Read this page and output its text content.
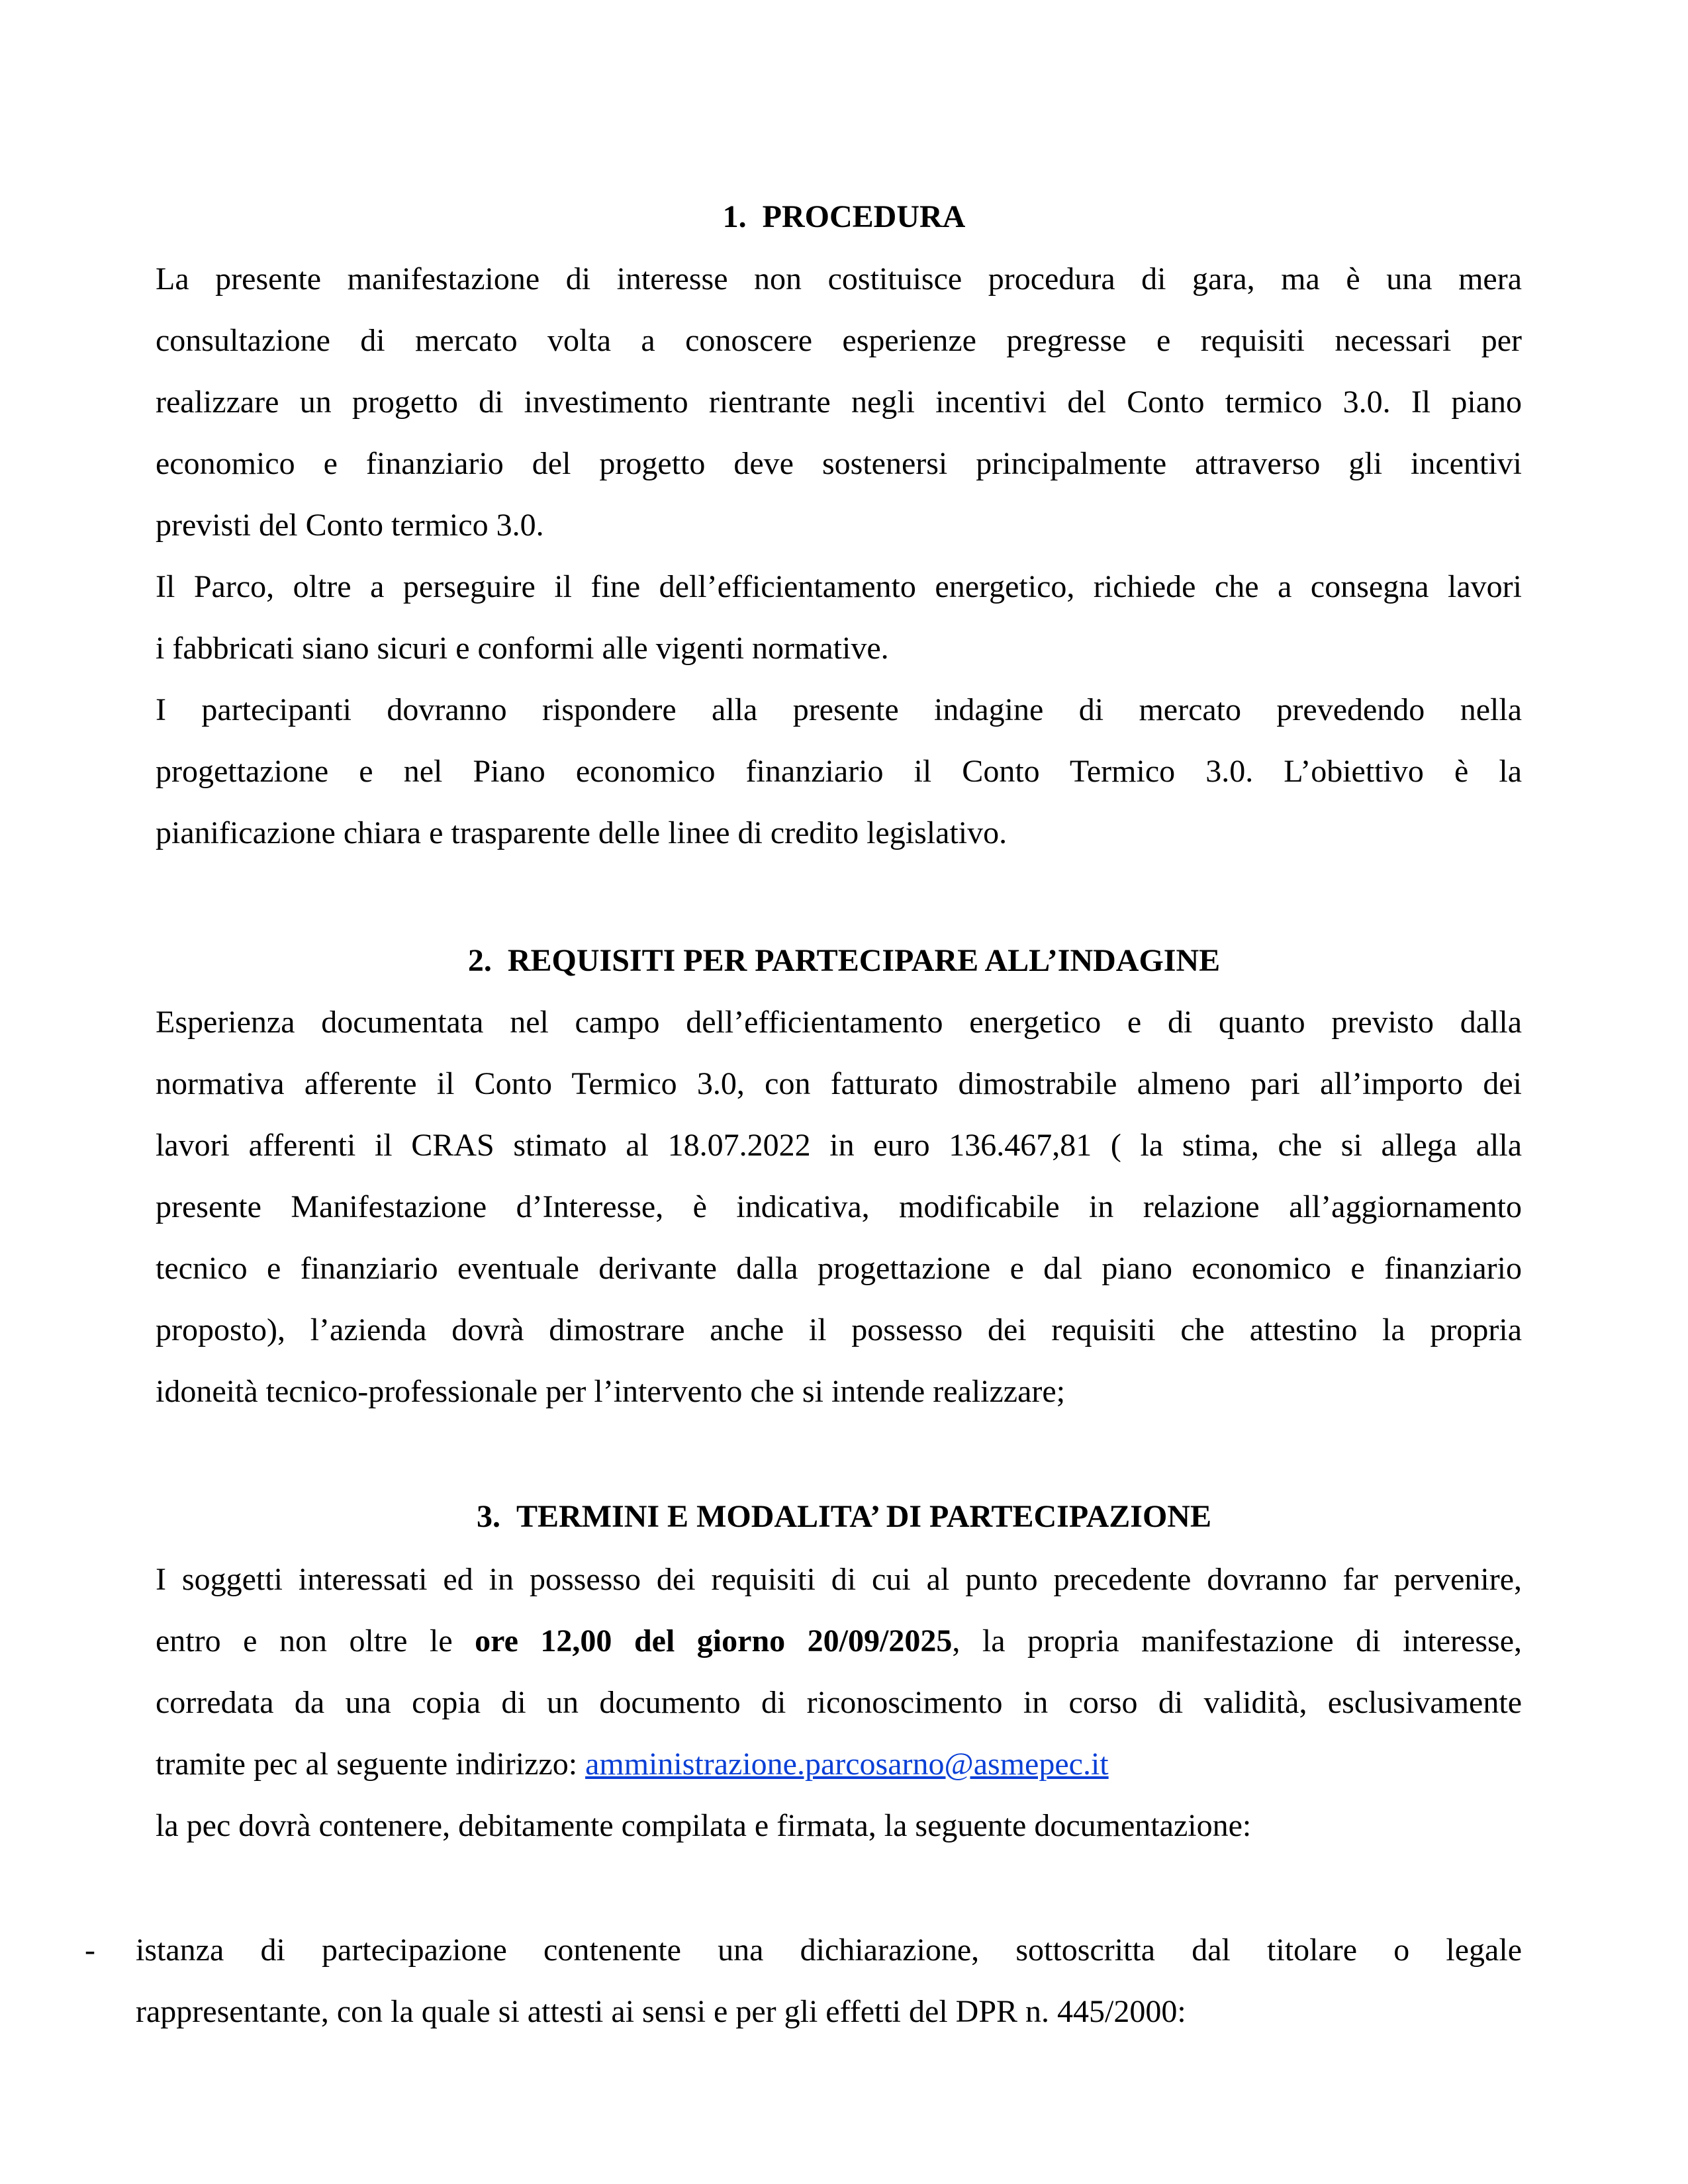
1. PROCEDURA
La presente manifestazione di interesse non costituisce procedura di gara, ma è una mera
consultazione di mercato volta a conoscere esperienze pregresse e requisiti necessari per
realizzare un progetto di investimento rientrante negli incentivi del Conto termico 3.0. Il piano
economico e finanziario del progetto deve sostenersi principalmente attraverso gli incentivi
previsti del Conto termico 3.0.
Il Parco, oltre a perseguire il fine dell’efficientamento energetico, richiede che a consegna lavori
i fabbricati siano sicuri e conformi alle vigenti normative.
I partecipanti dovranno rispondere alla presente indagine di mercato prevedendo nella
progettazione e nel Piano economico finanziario il Conto Termico 3.0. L’obiettivo è la
pianificazione chiara e trasparente delle linee di credito legislativo.
2. REQUISITI PER PARTECIPARE ALL’INDAGINE
Esperienza documentata nel campo dell’efficientamento energetico e di quanto previsto dalla
normativa afferente il Conto Termico 3.0, con fatturato dimostrabile almeno pari all’importo dei
lavori afferenti il CRAS stimato al 18.07.2022 in euro 136.467,81 ( la stima, che si allega alla
presente Manifestazione d’Interesse, è indicativa, modificabile in relazione all’aggiornamento
tecnico e finanziario eventuale derivante dalla progettazione e dal piano economico e finanziario
proposto), l’azienda dovrà dimostrare anche il possesso dei requisiti che attestino la propria
idoneità tecnico-professionale per l’intervento che si intende realizzare;
3. TERMINI E MODALITA’ DI PARTECIPAZIONE
I soggetti interessati ed in possesso dei requisiti di cui al punto precedente dovranno far pervenire,
entro e non oltre le ore 12,00 del giorno 20/09/2025, la propria manifestazione di interesse,
corredata da una copia di un documento di riconoscimento in corso di validità, esclusivamente
tramite pec al seguente indirizzo: amministrazione.parcosarno@asmepec.it
la pec dovrà contenere, debitamente compilata e firmata, la seguente documentazione:
- istanza di partecipazione contenente una dichiarazione, sottoscritta dal titolare o legale
rappresentante, con la quale si attesti ai sensi e per gli effetti del DPR n. 445/2000:
